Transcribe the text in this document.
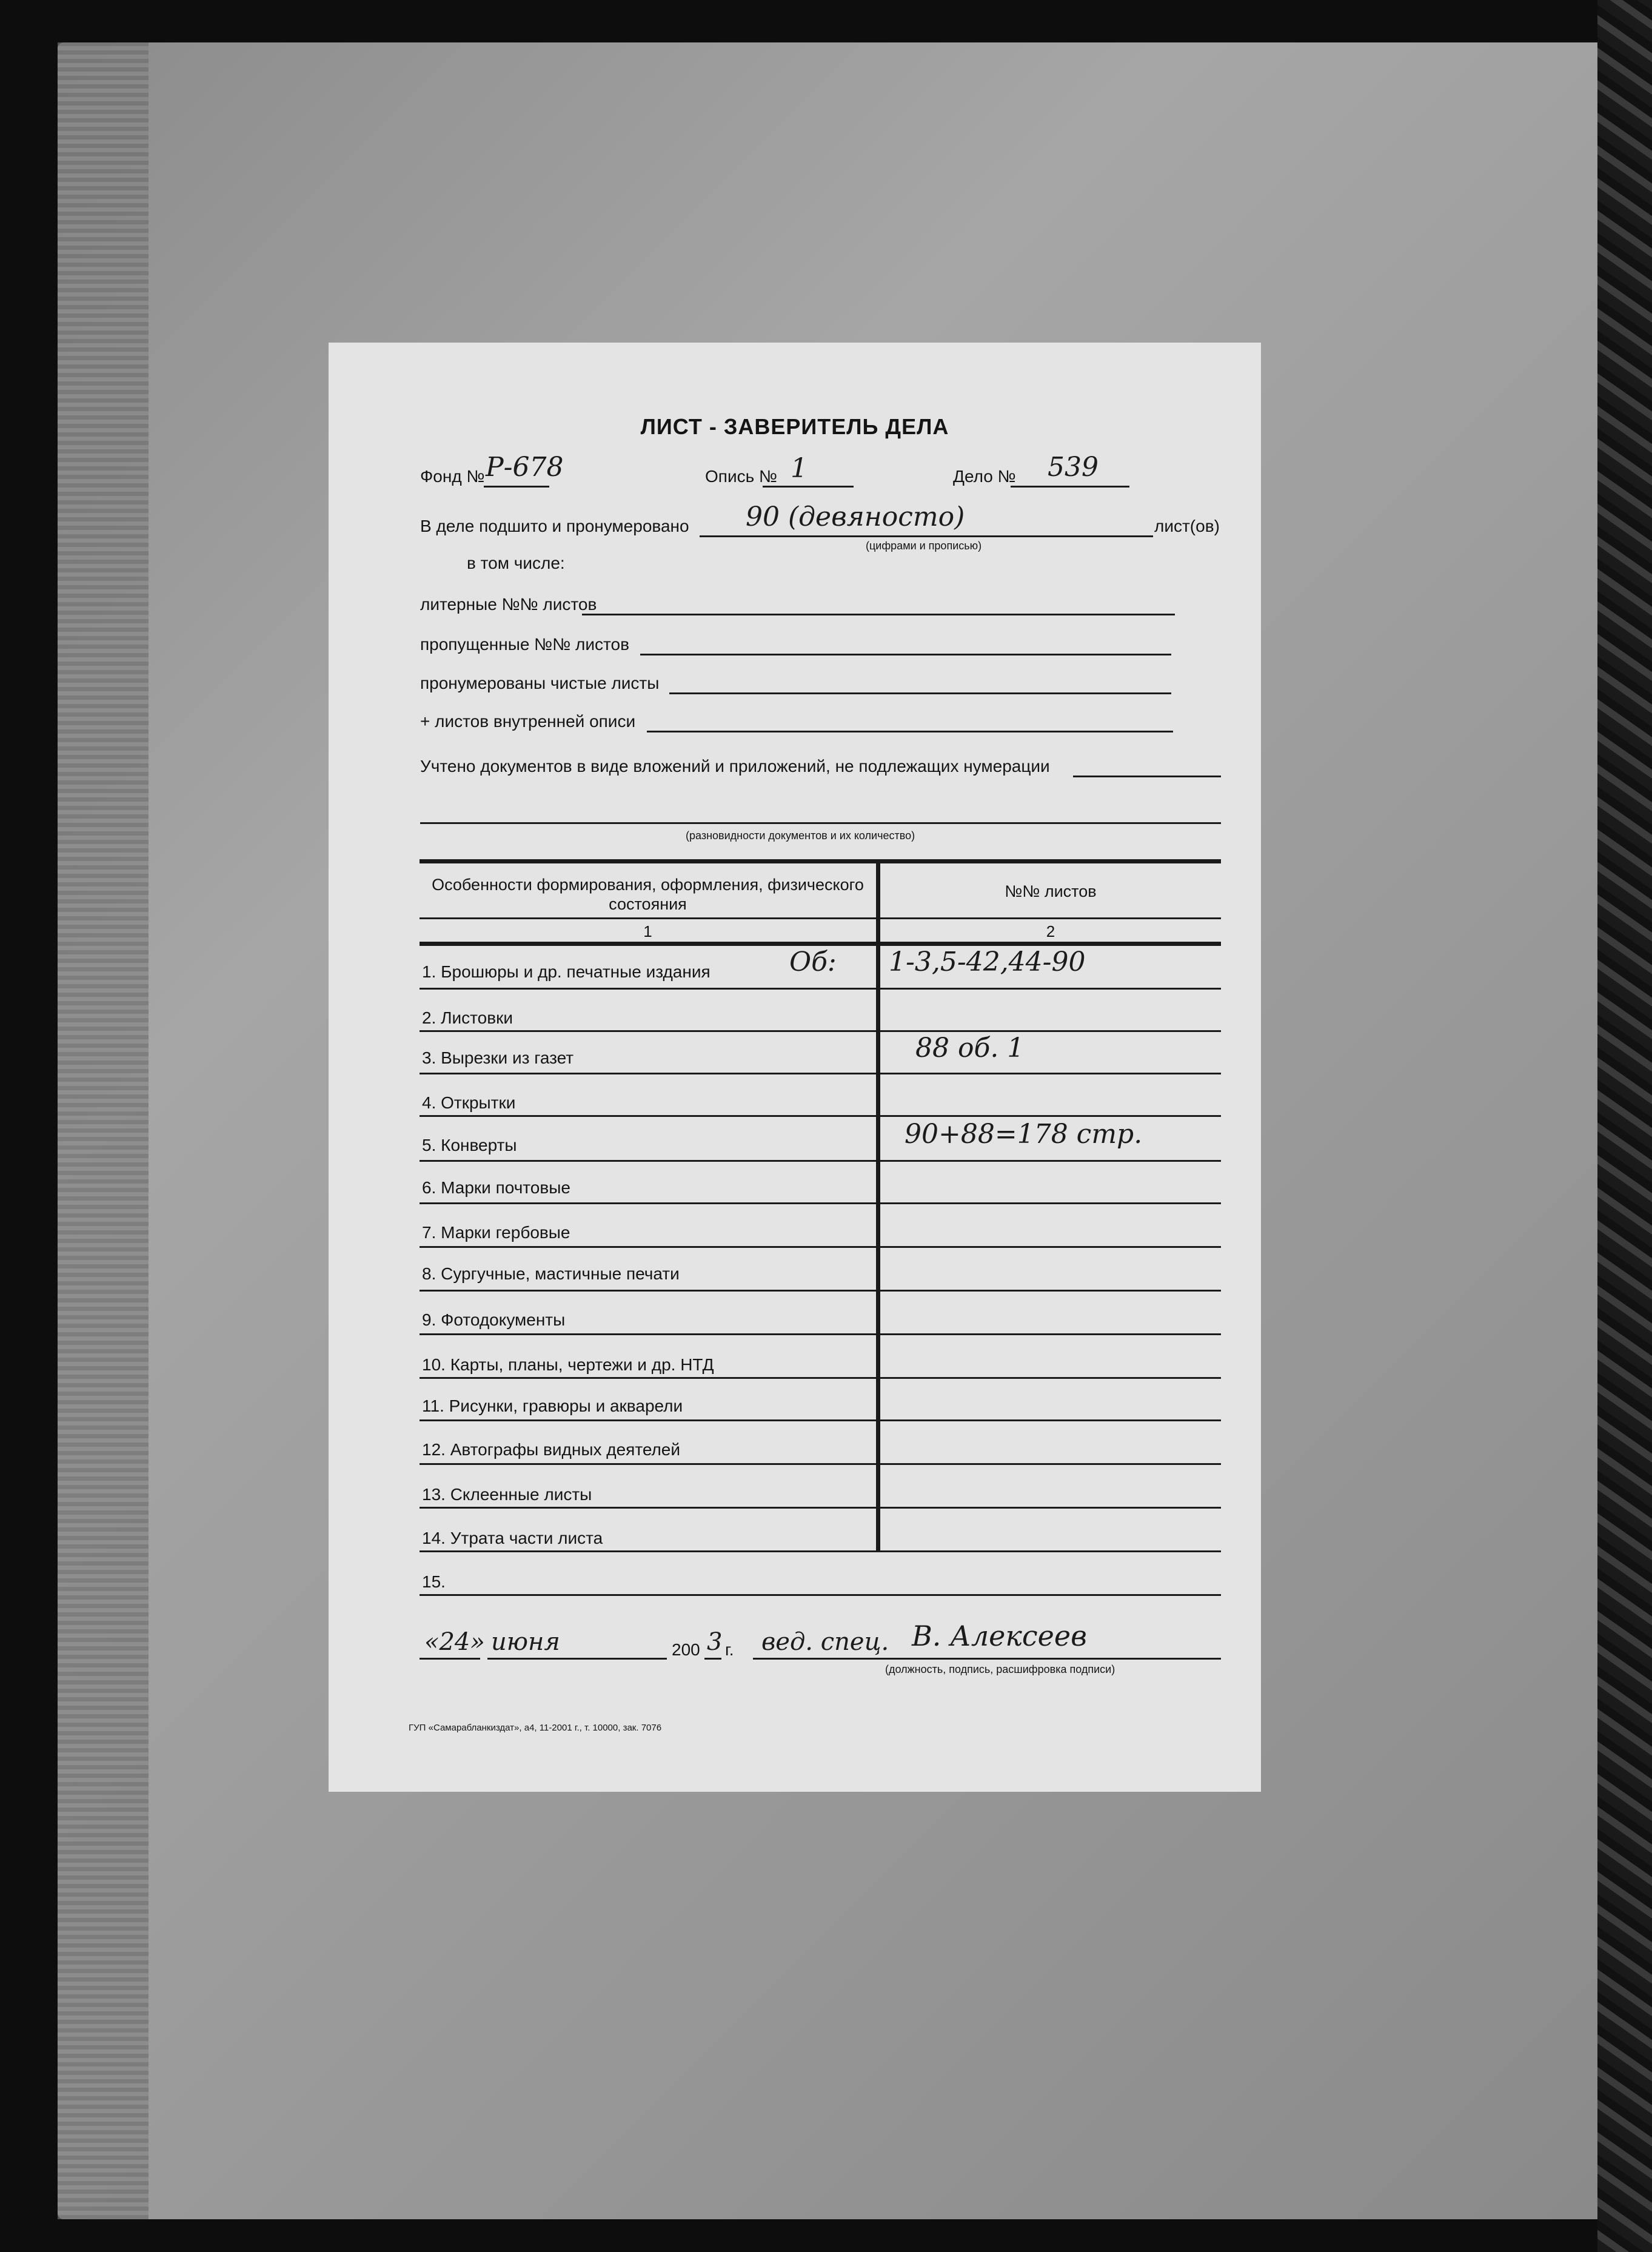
ЛИСТ - ЗАВЕРИТЕЛЬ ДЕЛА
Фонд № Р-678	Опись № 1	Дело № 539
В деле подшито и пронумеровано 90 (девяносто)	лист(ов)
(цифрами и прописью)
в том числе:
литерные №№ листов
пропущенные №№ листов
пронумерованы чистые листы
+ листов внутренней описи
Учтено документов в виде вложений и приложений, не подлежащих нумерации
(разновидности документов и их количество)
Особенности формирования, оформления, физического состояния
№№ листов
1	2
1. Брошюры и др. печатные издания	Об: 1-3,5-42,44-90
2. Листовки
3. Вырезки из газет	88 об. 1
4. Открытки
5. Конверты	90+88=178 стр.
6. Марки почтовые
7. Марки гербовые
8. Сургучные, мастичные печати
9. Фотодокументы
10. Карты, планы, чертежи и др. НТД
11. Рисунки, гравюры и акварели
12. Автографы видных деятелей
13. Склеенные листы
14. Утрата части листа
15.
«24» июня	200 3 г. вед. спец. В. Алексеев
(должность, подпись, расшифровка подписи)
ГУП «Самарабланкиздат», а4, 11-2001 г., т. 10000, зак. 7076
